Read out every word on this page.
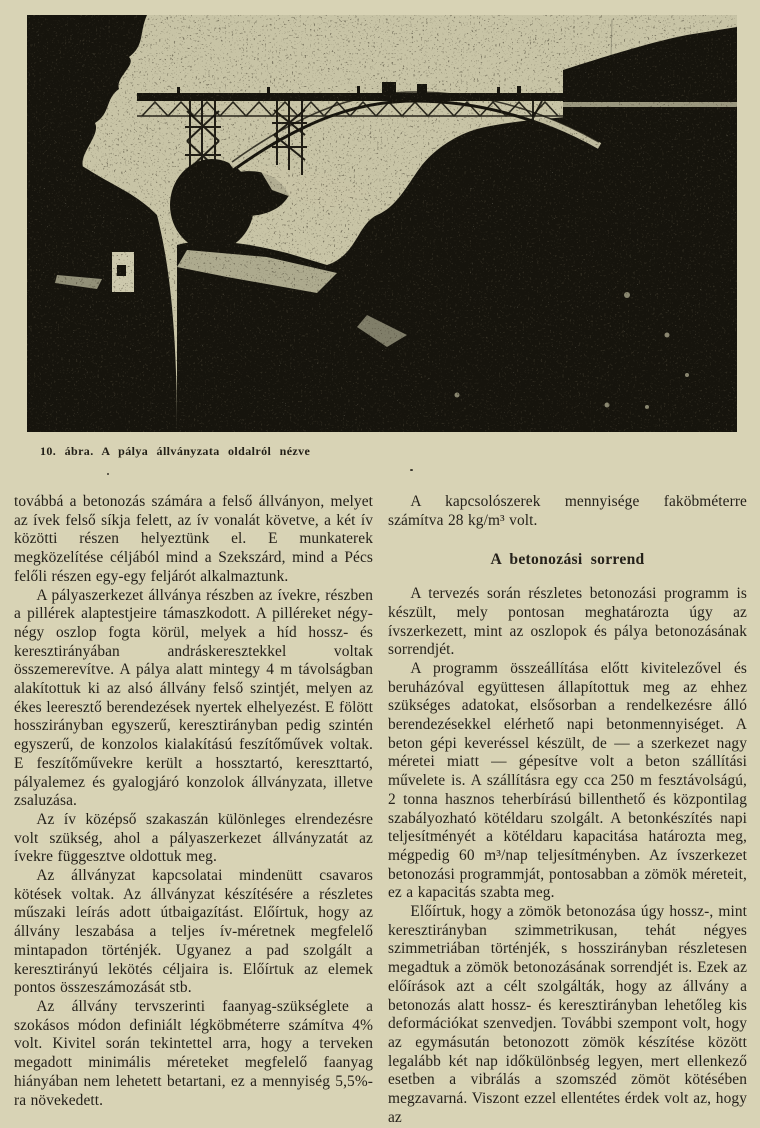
10. ábra. A pálya állványzata oldalról nézve

továbbá a betonozás számára a felső állványon, melyet az ívek felső síkja felett, az ív vonalát követve, a két ív közötti részen helyeztünk el. E munkaterek megközelítése céljából mind a Szekszárd, mind a Pécs felőli részen egy-egy feljárót alkalmaztunk.

A pályaszerkezet állványa részben az ívekre, részben a pillérek alaptestjeire támaszkodott. A pilléreket négy-négy oszlop fogta körül, melyek a híd hossz- és keresztirányában andráskeresztekkel voltak összemerevítve. A pálya alatt mintegy 4 m távolságban alakítottuk ki az alsó állvány felső szintjét, melyen az ékes leeresztő berendezések nyertek elhelyezést. E fölött hosszirányban egyszerű, keresztirányban pedig szintén egyszerű, de konzolos kialakítású feszítőművek voltak. E feszítőművekre került a hossztartó, kereszttartó, pályalemez és gyalogjáró konzolok állványzata, illetve zsaluzása.

Az ív középső szakaszán különleges elrendezésre volt szükség, ahol a pályaszerkezet állványzatát az ívekre függesztve oldottuk meg.

Az állványzat kapcsolatai mindenütt csavaros kötések voltak. Az állványzat készítésére a részletes műszaki leírás adott útbaigazítást. Előírtuk, hogy az állvány leszabása a teljes ív-méretnek megfelelő mintapadon történjék. Ugyanez a pad szolgált a keresztirányú lekötés céljaira is. Előírtuk az elemek pontos összeszámozását stb.

Az állvány tervszerinti faanyag-szükséglete a szokásos módon definiált légköbméterre számítva 4% volt. Kivitel során tekintettel arra, hogy a terveken megadott minimális méreteket megfelelő faanyag hiányában nem lehetett betartani, ez a mennyiség 5,5%-ra növekedett.

A kapcsolószerek mennyisége faköbméterre számítva 28 kg/m³ volt.

A betonozási sorrend

A tervezés során részletes betonozási programm is készült, mely pontosan meghatározta úgy az ívszerkezett, mint az oszlopok és pálya betonozásának sorrendjét.

A programm összeállítása előtt kivitelezővel és beruházóval együttesen állapítottuk meg az ehhez szükséges adatokat, elsősorban a rendelkezésre álló berendezésekkel elérhető napi betonmennyiséget. A beton gépi keveréssel készült, de — a szerkezet nagy méretei miatt — gépesítve volt a beton szállítási művelete is. A szállításra egy cca 250 m fesztávolságú, 2 tonna hasznos teherbírású billenthető és központilag szabályozható kötéldaru szolgált. A betonkészítés napi teljesítményét a kötéldaru kapacitása határozta meg, mégpedig 60 m³/nap teljesítményben. Az ívszerkezet betonozási programmját, pontosabban a zömök méreteit, ez a kapacitás szabta meg.

Előírtuk, hogy a zömök betonozása úgy hossz-, mint keresztirányban szimmetrikusan, tehát négyes szimmetriában történjék, s hosszirányban részletesen megadtuk a zömök betonozásának sorrendjét is. Ezek az előírások azt a célt szolgálták, hogy az állvány a betonozás alatt hossz- és keresztirányban lehetőleg kis deformációkat szenvedjen. További szempont volt, hogy az egymásután betonozott zömök készítése között legalább két nap időkülönbség legyen, mert ellenkező esetben a vibrálás a szomszéd zömöt kötésében megzavarná. Viszont ezzel ellentétes érdek volt az, hogy az
